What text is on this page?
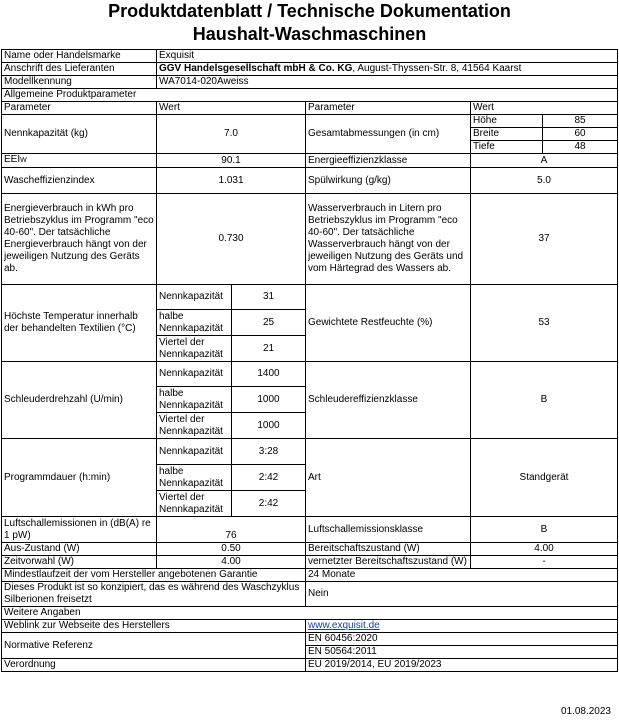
Produktdatenblatt / Technische Dokumentation
Haushalt-Waschmaschinen
Name oder Handelsmarke	Exquisit				
Anschrift des Lieferanten	GGV Handelsgesellschaft mbH & Co. KG, August-Thyssen-Str. 8, 41564 Kaarst				
Modellkennung	WA7014-020Aweiss				
Allgemeine Produktparameter					
Parameter	Wert		Parameter	Wert	
Nennkapazität (kg)	7.0		Gesamtabmessungen (in cm)	Höhe	85
				Breite	60
				Tiefe	48
EEIW	90.1		Energieeffizienzklasse	A	
Wascheffizienzindex	1.031		Spülwirkung (g/kg)	5.0	
Energieverbrauch in kWh pro Betriebszyklus im Programm "eco 40-60". Der tatsächliche Energieverbrauch hängt von der jeweiligen Nutzung des Geräts ab.	0.730		Wasserverbrauch in Litern pro Betriebszyklus im Programm "eco 40-60". Der tatsächliche Wasserverbrauch hängt von der jeweiligen Nutzung des Geräts und vom Härtegrad des Wassers ab.	37	
Höchste Temperatur innerhalb der behandelten Textilien (°C)	Nennkapazität	31	Gewichtete Restfeuchte (%)	53	
	halbe Nennkapazität	25			
	Viertel der Nennkapazität	21			
Schleuderdrehzahl (U/min)	Nennkapazität	1400	Schleudereffizienzklasse	B	
	halbe Nennkapazität	1000			
	Viertel der Nennkapazität	1000			
Programmdauer (h:min)	Nennkapazität	3:28	Art	Standgerät	
	halbe Nennkapazität	2:42			
	Viertel der Nennkapazität	2:42			
Luftschallemissionen in (dB(A) re 1 pW)	76		Luftschallemissionsklasse	B	
Aus-Zustand (W)	0.50		Bereitschaftszustand (W)	4.00	
Zeitvorwahl (W)	4.00		vernetzter Bereitschaftszustand (W)	-	
Mindestlaufzeit der vom Hersteller angebotenen Garantie			24 Monate		
Dieses Produkt ist so konzipiert, das es während des Waschzyklus Silberionen freisetzt			Nein		
Weitere Angaben					
Weblink zur Webseite des Herstellers			www.exquisit.de		
Normative Referenz			EN 60456:2020		
			EN 50564:2011		
Verordnung			EU 2019/2014, EU 2019/2023		
01.08.2023
